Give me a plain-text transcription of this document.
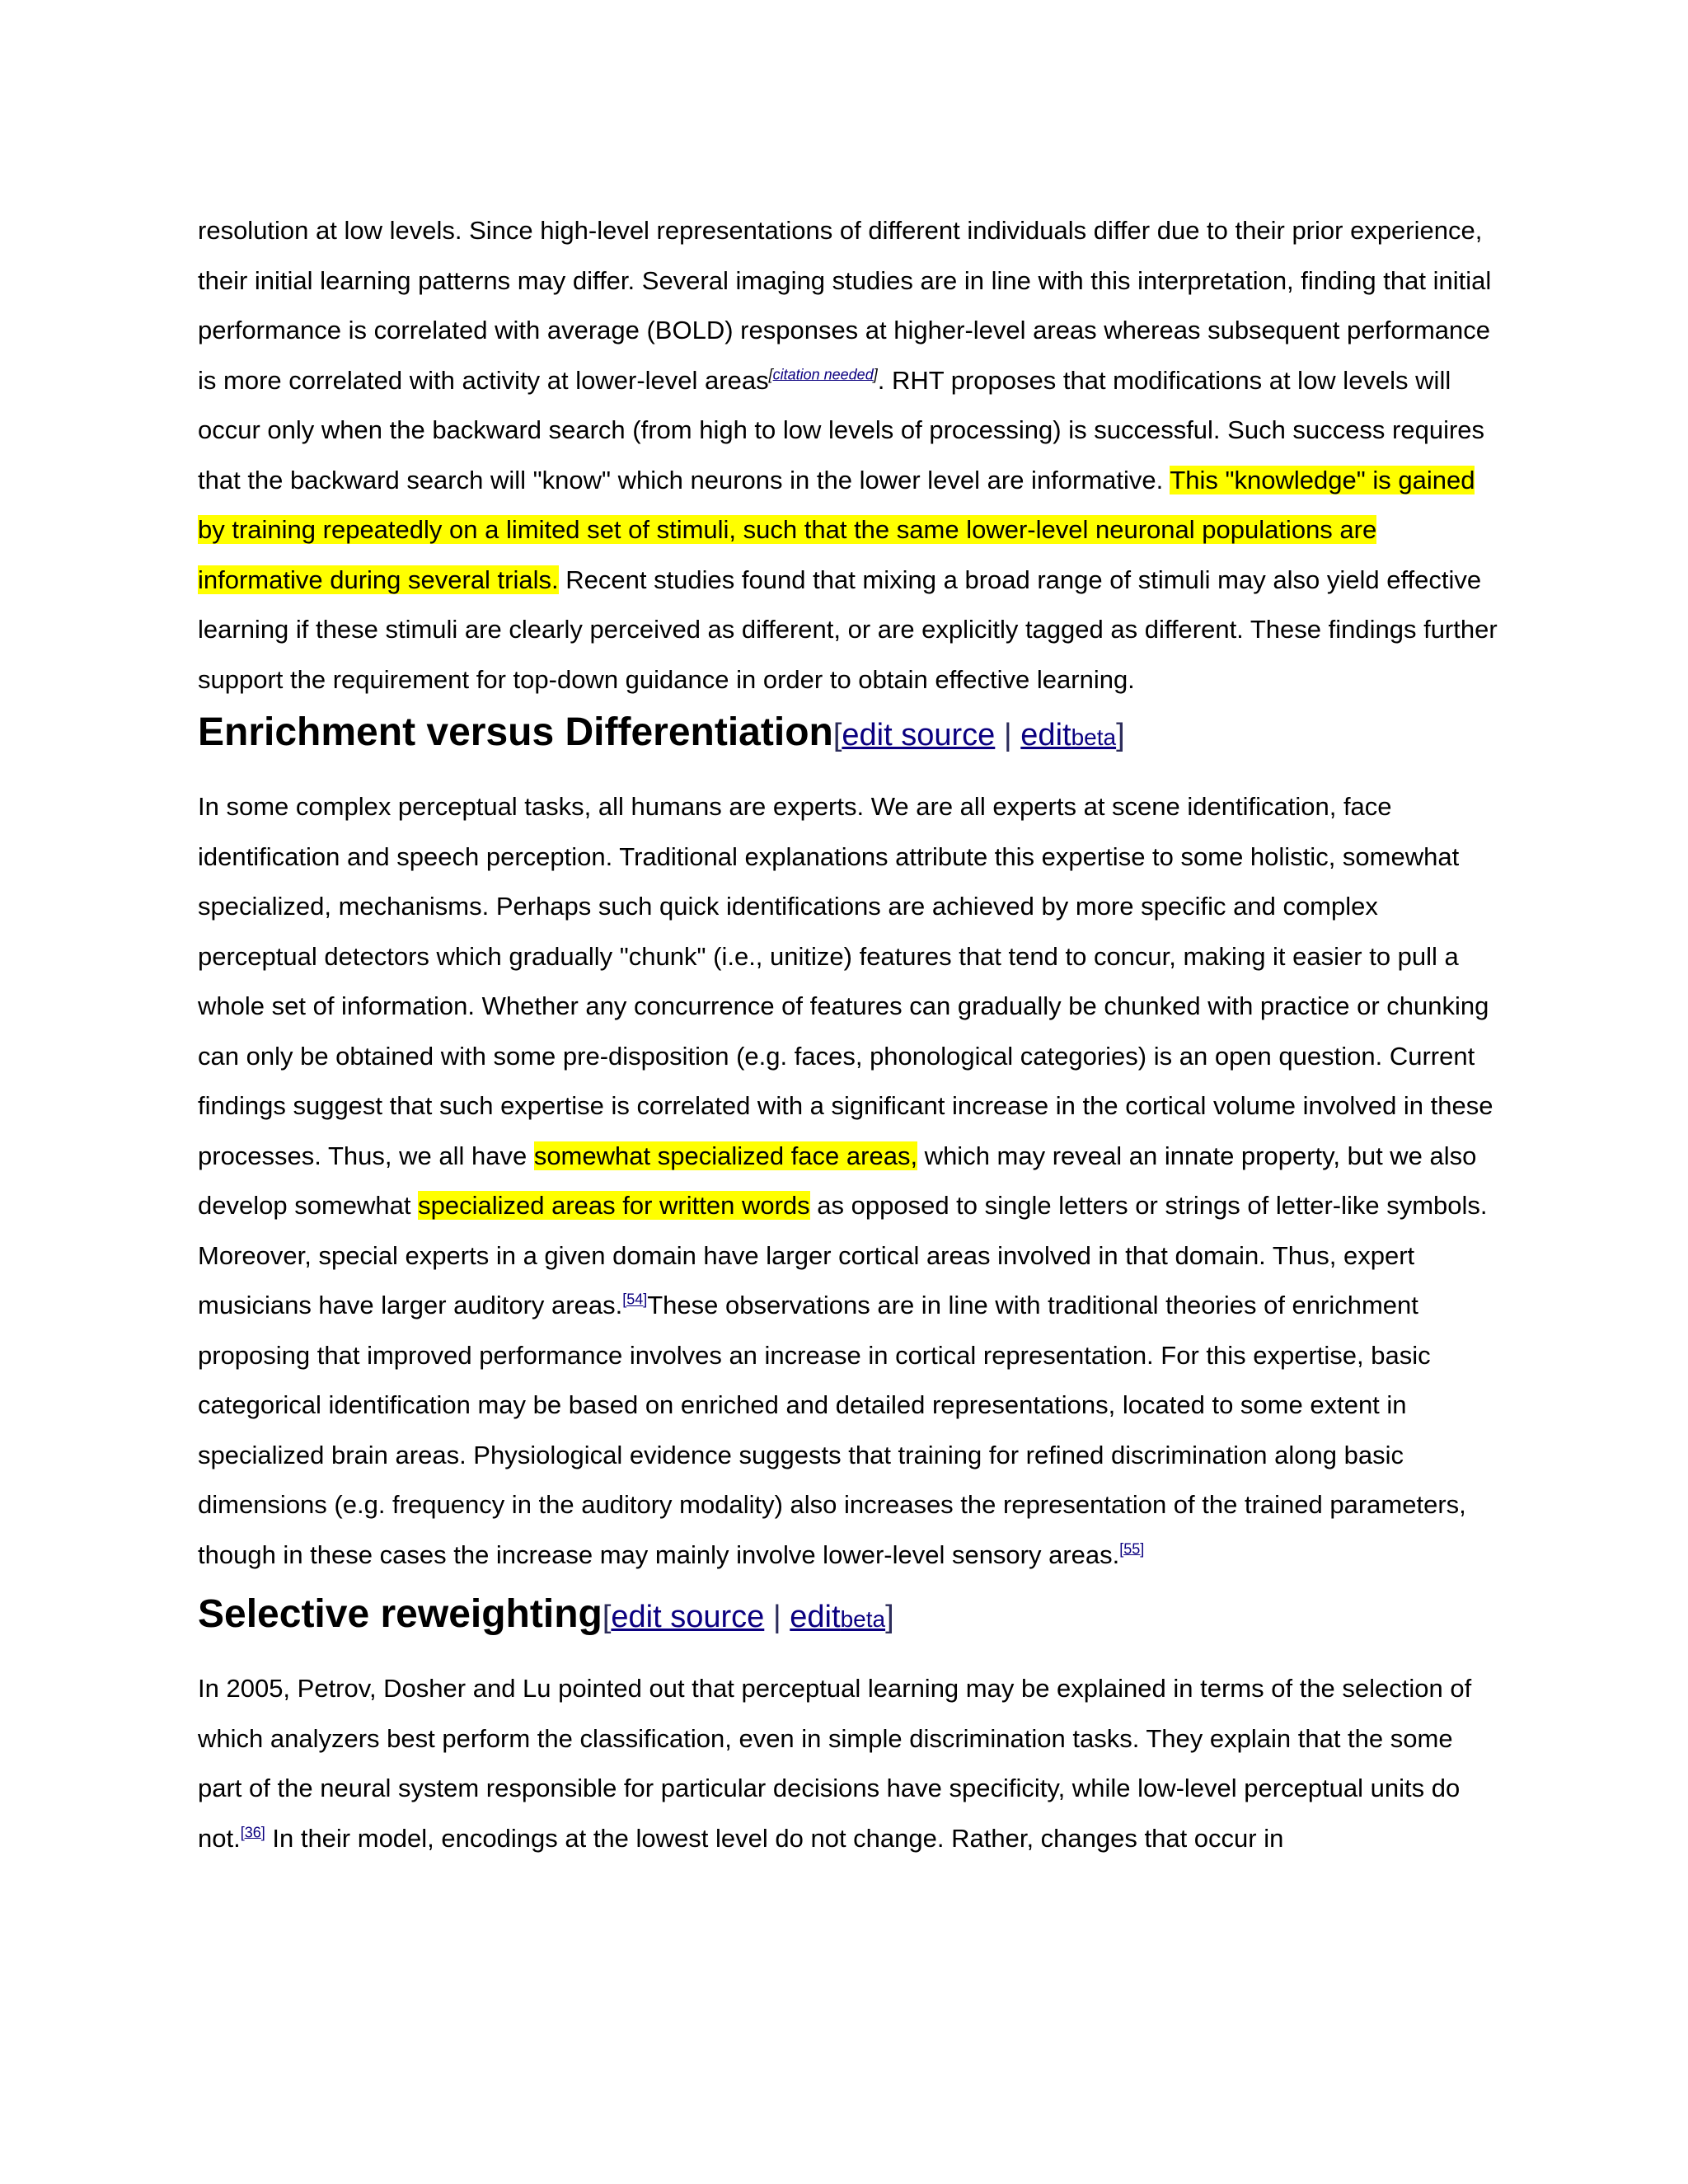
resolution at low levels. Since high-level representations of different individuals differ due to their prior experience, their initial learning patterns may differ. Several imaging studies are in line with this interpretation, finding that initial performance is correlated with average (BOLD) responses at higher-level areas whereas subsequent performance is more correlated with activity at lower-level areas[citation needed]. RHT proposes that modifications at low levels will occur only when the backward search (from high to low levels of processing) is successful. Such success requires that the backward search will "know" which neurons in the lower level are informative. This "knowledge" is gained by training repeatedly on a limited set of stimuli, such that the same lower-level neuronal populations are informative during several trials. Recent studies found that mixing a broad range of stimuli may also yield effective learning if these stimuli are clearly perceived as different, or are explicitly tagged as different. These findings further support the requirement for top-down guidance in order to obtain effective learning.

Enrichment versus Differentiation[edit source | editbeta]

In some complex perceptual tasks, all humans are experts. We are all experts at scene identification, face identification and speech perception. Traditional explanations attribute this expertise to some holistic, somewhat specialized, mechanisms. Perhaps such quick identifications are achieved by more specific and complex perceptual detectors which gradually "chunk" (i.e., unitize) features that tend to concur, making it easier to pull a whole set of information. Whether any concurrence of features can gradually be chunked with practice or chunking can only be obtained with some pre-disposition (e.g. faces, phonological categories) is an open question. Current findings suggest that such expertise is correlated with a significant increase in the cortical volume involved in these processes. Thus, we all have somewhat specialized face areas, which may reveal an innate property, but we also develop somewhat specialized areas for written words as opposed to single letters or strings of letter-like symbols. Moreover, special experts in a given domain have larger cortical areas involved in that domain. Thus, expert musicians have larger auditory areas.[54]These observations are in line with traditional theories of enrichment proposing that improved performance involves an increase in cortical representation. For this expertise, basic categorical identification may be based on enriched and detailed representations, located to some extent in specialized brain areas. Physiological evidence suggests that training for refined discrimination along basic dimensions (e.g. frequency in the auditory modality) also increases the representation of the trained parameters, though in these cases the increase may mainly involve lower-level sensory areas.[55]

Selective reweighting[edit source | editbeta]

In 2005, Petrov, Dosher and Lu pointed out that perceptual learning may be explained in terms of the selection of which analyzers best perform the classification, even in simple discrimination tasks. They explain that the some part of the neural system responsible for particular decisions have specificity, while low-level perceptual units do not.[36] In their model, encodings at the lowest level do not change. Rather, changes that occur in
